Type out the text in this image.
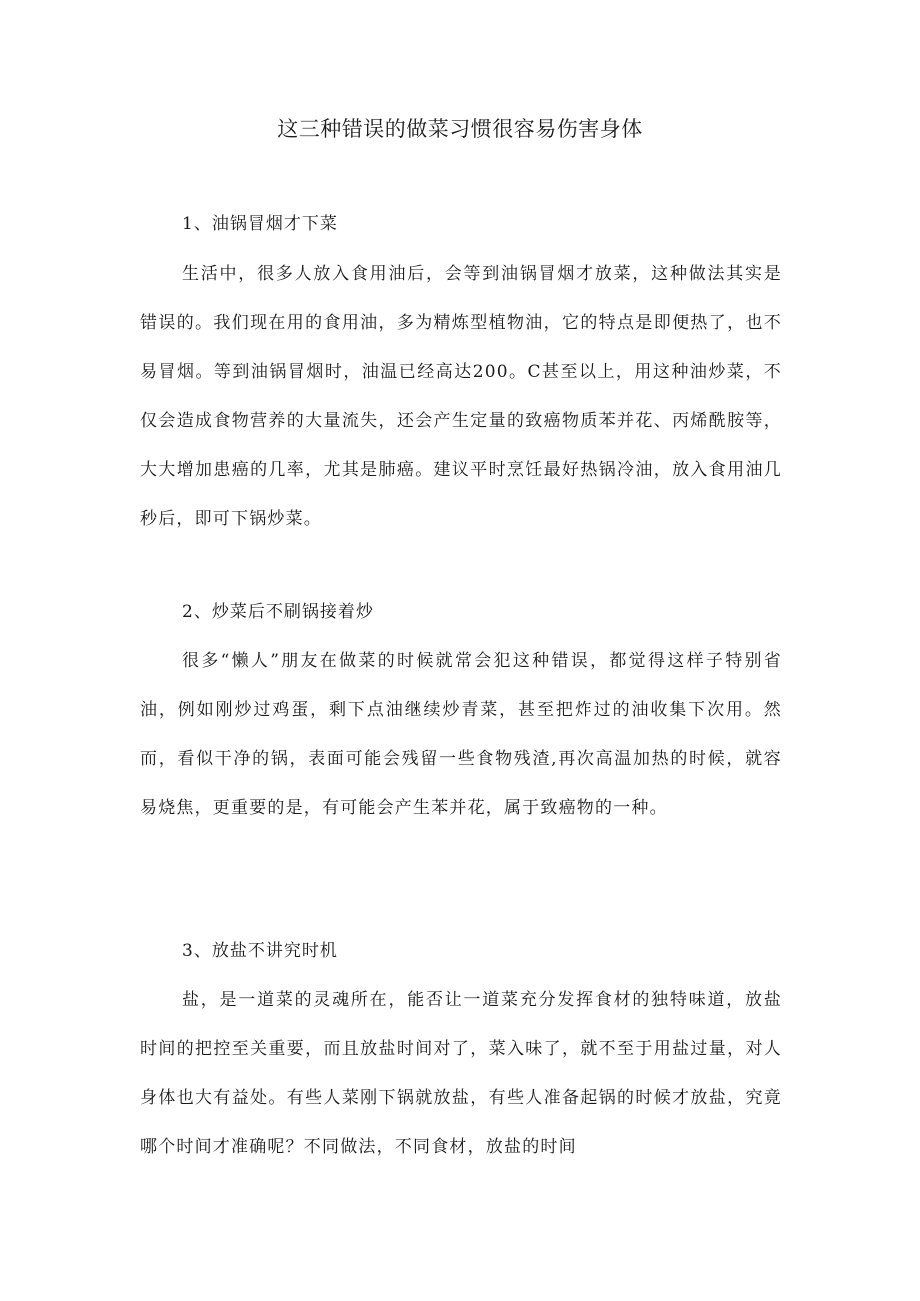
这三种错误的做菜习惯很容易伤害身体
1、油锅冒烟才下菜

生活中，很多人放入食用油后，会等到油锅冒烟才放菜，这种做法其实是错误的。我们现在用的食用油，多为精炼型植物油，它的特点是即便热了，也不易冒烟。等到油锅冒烟时，油温已经高达200。C甚至以上，用这种油炒菜，不仅会造成食物营养的大量流失，还会产生定量的致癌物质苯并花、丙烯酰胺等，大大增加患癌的几率，尤其是肺癌。建议平时烹饪最好热锅冷油，放入食用油几秒后，即可下锅炒菜。

2、炒菜后不刷锅接着炒

很多“懒人”朋友在做菜的时候就常会犯这种错误，都觉得这样子特别省油，例如刚炒过鸡蛋，剩下点油继续炒青菜，甚至把炸过的油收集下次用。然而，看似干净的锅，表面可能会残留一些食物残渣,再次高温加热的时候，就容易烧焦，更重要的是，有可能会产生苯并花，属于致癌物的一种。

3、放盐不讲究时机

盐，是一道菜的灵魂所在，能否让一道菜充分发挥食材的独特味道，放盐时间的把控至关重要，而且放盐时间对了，菜入味了，就不至于用盐过量，对人身体也大有益处。有些人菜刚下锅就放盐，有些人准备起锅的时候才放盐，究竟哪个时间才准确呢？不同做法，不同食材，放盐的时间
